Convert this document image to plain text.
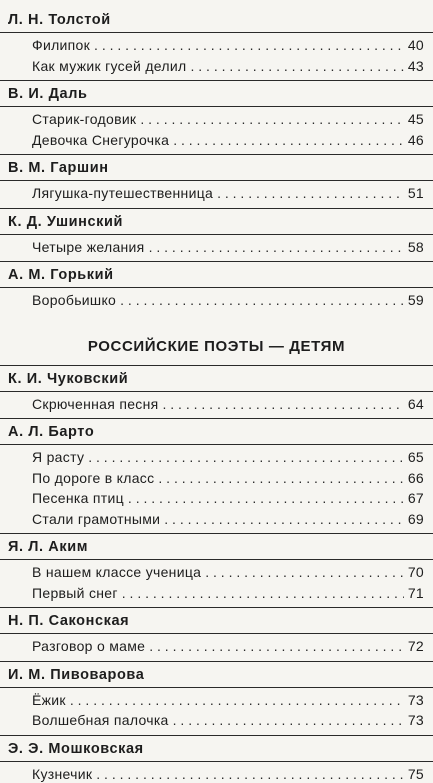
Л. Н. Толстой
Филипок . . .	40
Как мужик гусей делил . . .	43
В. И. Даль
Старик-годовик . . .	45
Девочка Снегурочка . . .	46
В. М. Гаршин
Лягушка-путешественница . . .	51
К. Д. Ушинский
Четыре желания . . .	58
А. М. Горький
Воробьишко . . .	59
РОССИЙСКИЕ ПОЭТЫ — ДЕТЯМ
К. И. Чуковский
Скрюченная песня . . .	64
А. Л. Барто
Я расту . . .	65
По дороге в класс . . .	66
Песенка птиц . . .	67
Стали грамотными . . .	69
Я. Л. Аким
В нашем классе ученица . . .	70
Первый снег . . .	71
Н. П. Саконская
Разговор о маме . . .	72
И. М. Пивоварова
Ёжик . . .	73
Волшебная палочка . . .	73
Э. Э. Мошковская
Кузнечик . . .	75
